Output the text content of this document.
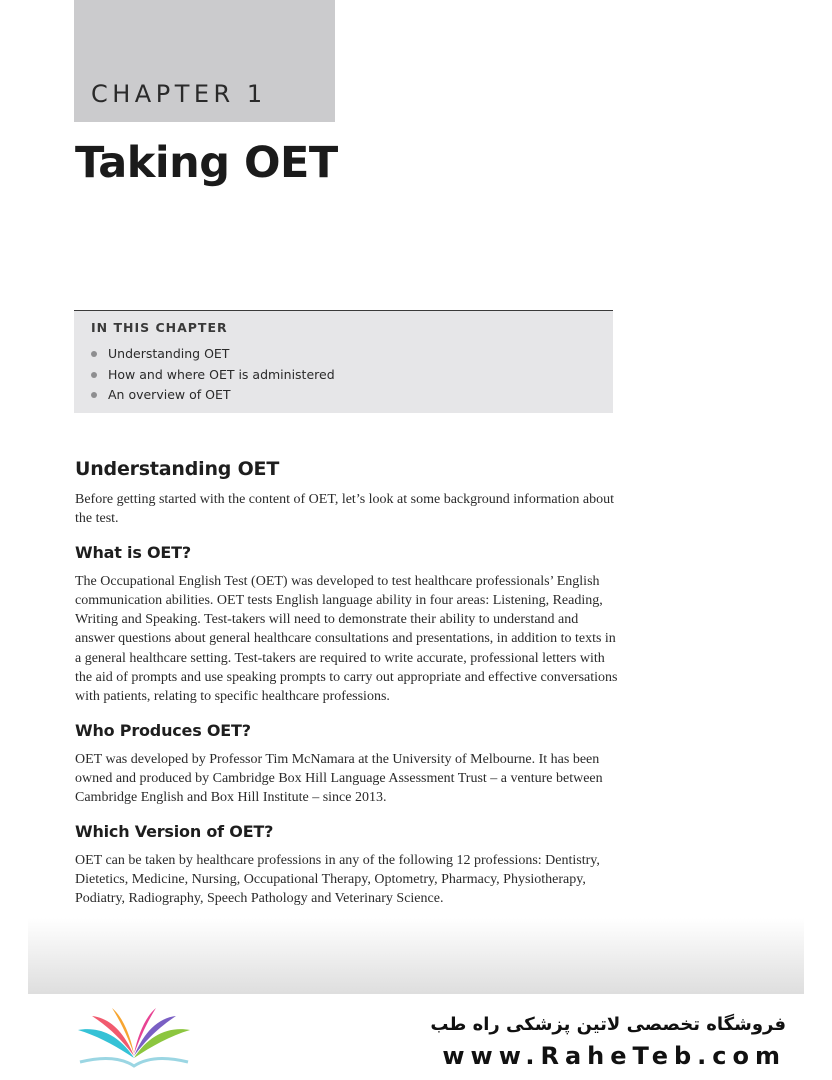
CHAPTER 1
Taking OET
IN THIS CHAPTER
Understanding OET
How and where OET is administered
An overview of OET
Understanding OET

Before getting started with the content of OET, let’s look at some background information about the test.

What is OET?

The Occupational English Test (OET) was developed to test healthcare professionals’ English communication abilities. OET tests English language ability in four areas: Listening, Reading, Writing and Speaking. Test-takers will need to demonstrate their ability to understand and answer questions about general healthcare consultations and presentations, in addition to texts in a general healthcare setting. Test-takers are required to write accurate, professional letters with the aid of prompts and use speaking prompts to carry out appropriate and effective conversations with patients, relating to specific healthcare professions.

Who Produces OET?

OET was developed by Professor Tim McNamara at the University of Melbourne. It has been owned and produced by Cambridge Box Hill Language Assessment Trust – a venture between Cambridge English and Box Hill Institute – since 2013.

Which Version of OET?

OET can be taken by healthcare professions in any of the following 12 professions: Dentistry, Dietetics, Medicine, Nursing, Occupational Therapy, Optometry, Pharmacy, Physiotherapy, Podiatry, Radiography, Speech Pathology and Veterinary Science.

فروشگاه تخصصی لاتین پزشکی راه طب
www.RaheTeb.com
